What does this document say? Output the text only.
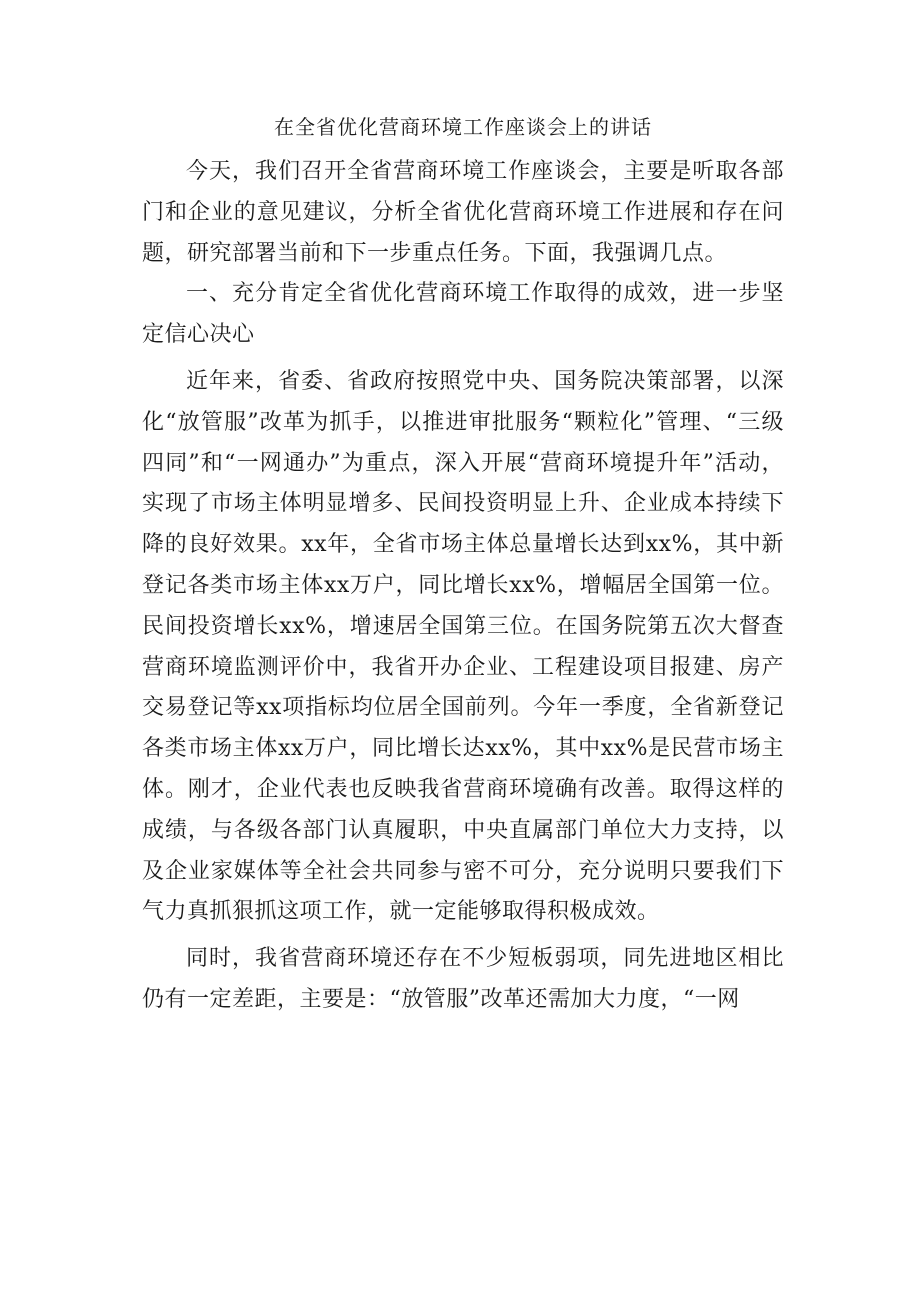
在全省优化营商环境工作座谈会上的讲话

今天，我们召开全省营商环境工作座谈会，主要是听取各部门和企业的意见建议，分析全省优化营商环境工作进展和存在问题，研究部署当前和下一步重点任务。下面，我强调几点。

一、充分肯定全省优化营商环境工作取得的成效，进一步坚定信心决心

近年来，省委、省政府按照党中央、国务院决策部署，以深化“放管服”改革为抓手，以推进审批服务“颗粒化”管理、“三级四同”和“一网通办”为重点，深入开展“营商环境提升年”活动，实现了市场主体明显增多、民间投资明显上升、企业成本持续下降的良好效果。xx年，全省市场主体总量增长达到xx%，其中新登记各类市场主体xx万户，同比增长xx%，增幅居全国第一位。民间投资增长xx%，增速居全国第三位。在国务院第五次大督查营商环境监测评价中，我省开办企业、工程建设项目报建、房产交易登记等xx项指标均位居全国前列。今年一季度，全省新登记各类市场主体xx万户，同比增长达xx%，其中xx%是民营市场主体。刚才，企业代表也反映我省营商环境确有改善。取得这样的成绩，与各级各部门认真履职，中央直属部门单位大力支持，以及企业家媒体等全社会共同参与密不可分，充分说明只要我们下气力真抓狠抓这项工作，就一定能够取得积极成效。

同时，我省营商环境还存在不少短板弱项，同先进地区相比仍有一定差距，主要是：“放管服”改革还需加大力度，“一网
